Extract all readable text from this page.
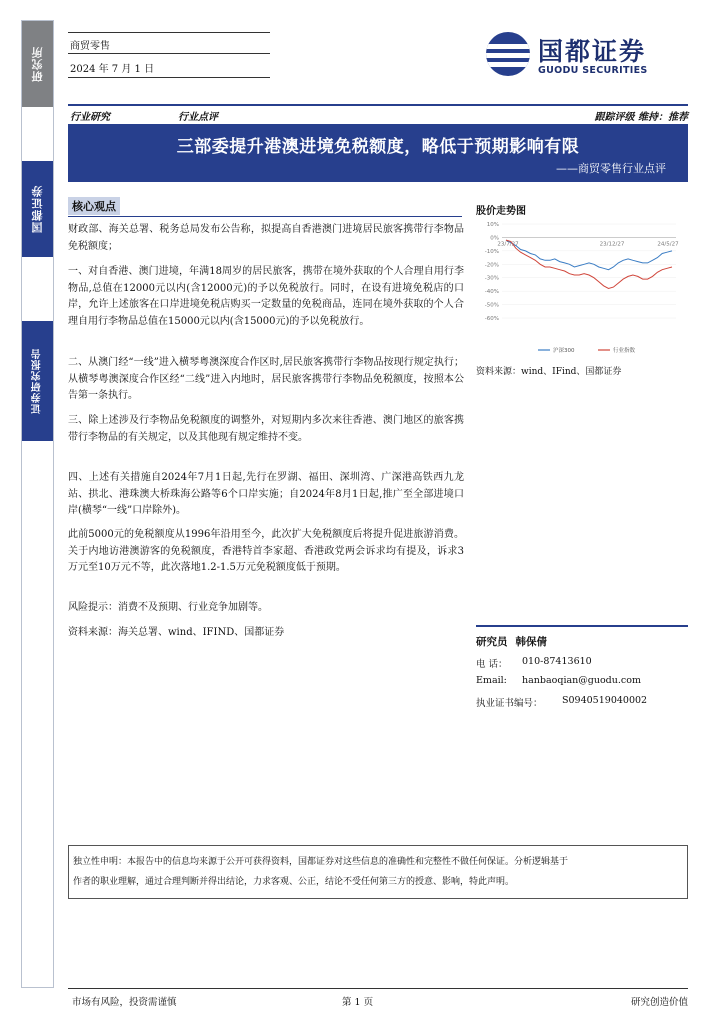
研究所
国都证券
证券研究报告
商贸零售
2024 年 7 月 1 日
国都证券
GUODU SECURITIES
行业研究	行业点评	跟踪评级 维持：推荐
三部委提升港澳进境免税额度，略低于预期影响有限
——商贸零售行业点评
核心观点
财政部、海关总署、税务总局发布公告称，拟提高自香港澳门进境居民旅客携带行李物品免税额度；
一、对自香港、澳门进境，年满18周岁的居民旅客，携带在境外获取的个人合理自用行李物品,总值在12000元以内(含12000元)的予以免税放行。同时，在设有进境免税店的口岸，允许上述旅客在口岸进境免税店购买一定数量的免税商品，连同在境外获取的个人合理自用行李物品总值在15000元以内(含15000元)的予以免税放行。
二、从澳门经“一线”进入横琴粤澳深度合作区时,居民旅客携带行李物品按现行规定执行；从横琴粤澳深度合作区经“二线”进入内地时，居民旅客携带行李物品免税额度，按照本公告第一条执行。
三、除上述涉及行李物品免税额度的调整外，对短期内多次来往香港、澳门地区的旅客携带行李物品的有关规定，以及其他现有规定维持不变。
四、上述有关措施自2024年7月1日起,先行在罗湖、福田、深圳湾、广深港高铁西九龙站、拱北、港珠澳大桥珠海公路等6个口岸实施；自2024年8月1日起,推广至全部进境口岸(横琴“一线”口岸除外)。
此前5000元的免税额度从1996年沿用至今，此次扩大免税额度后将提升促进旅游消费。关于内地访港澳游客的免税额度，香港特首李家超、香港政党两会诉求均有提及，诉求3万元至10万元不等，此次落地1.2-1.5万元免税额度低于预期。
风险提示：消费不及预期、行业竞争加剧等。
资料来源：海关总署、wind、IFIND、国都证券
股价走势图
10%
0%
-10%
-20%
-30%
-40%
-50%
-60%
23/7/27	23/12/27	24/5/27
沪深300	行业指数
资料来源：wind、IFind、国都证券
研究员 韩保倩
电 话： 010-87413610
Email: hanbaoqian@guodu.com
执业证书编号： S0940519040002
独立性申明：本报告中的信息均来源于公开可获得资料，国都证券对这些信息的准确性和完整性不做任何保证。分析逻辑基于
作者的职业理解，通过合理判断并得出结论，力求客观、公正，结论不受任何第三方的授意、影响，特此声明。
市场有风险，投资需谨慎	第 1 页	研究创造价值
